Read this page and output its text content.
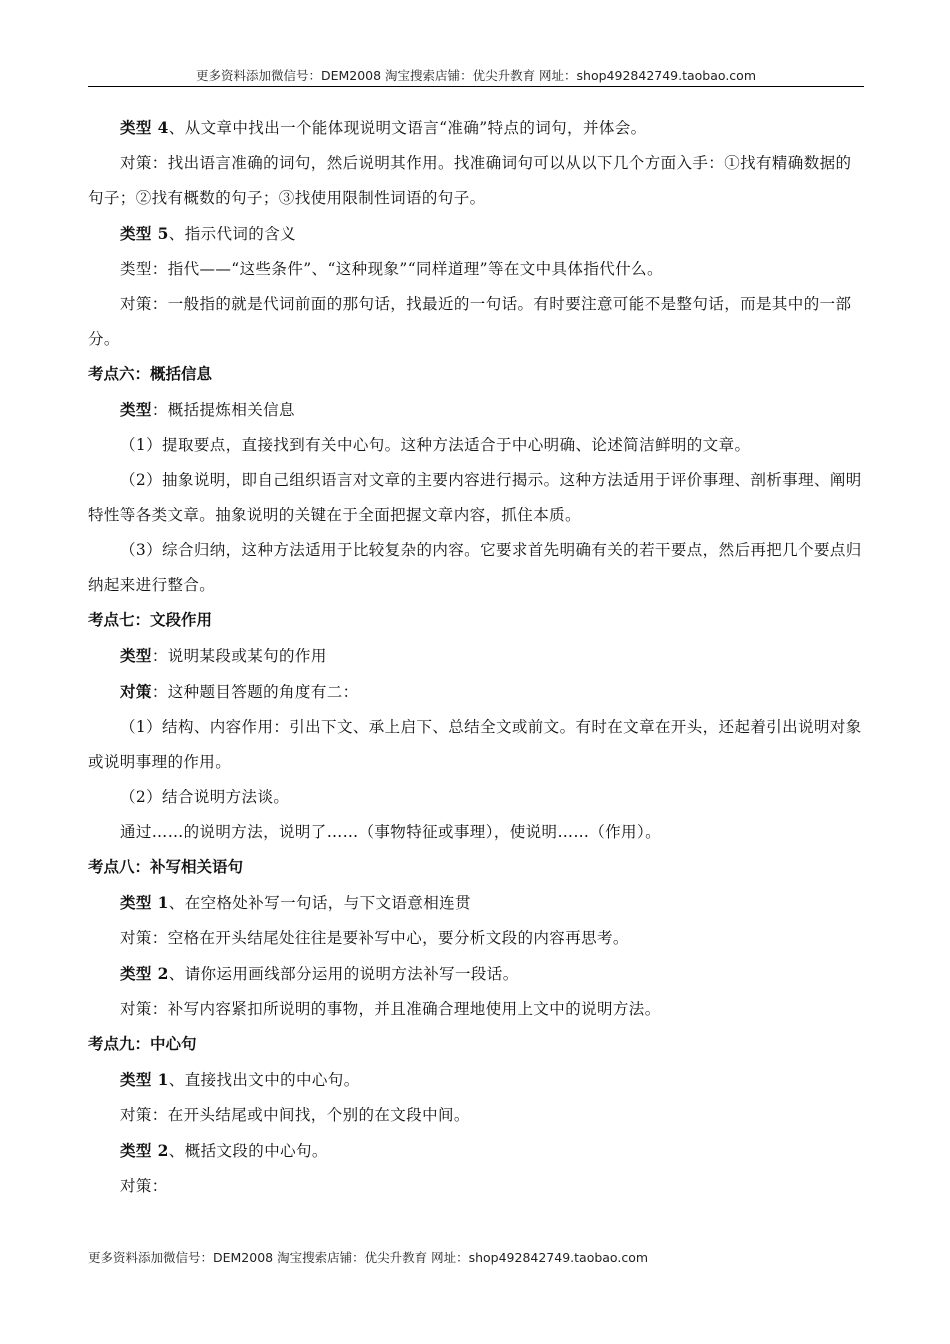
更多资料添加微信号：DEM2008 淘宝搜索店铺：优尖升教育 网址：shop492842749.taobao.com

类型 4、从文章中找出一个能体现说明文语言“准确”特点的词句，并体会。

对策：找出语言准确的词句，然后说明其作用。找准确词句可以从以下几个方面入手：①找有精确数据的句子；②找有概数的句子；③找使用限制性词语的句子。

类型 5、指示代词的含义

类型：指代——“这些条件”、“这种现象”“同样道理”等在文中具体指代什么。

对策：一般指的就是代词前面的那句话，找最近的一句话。有时要注意可能不是整句话，而是其中的一部分。

考点六：概括信息

类型：概括提炼相关信息

（1）提取要点，直接找到有关中心句。这种方法适合于中心明确、论述简洁鲜明的文章。

（2）抽象说明，即自己组织语言对文章的主要内容进行揭示。这种方法适用于评价事理、剖析事理、阐明特性等各类文章。抽象说明的关键在于全面把握文章内容，抓住本质。

（3）综合归纳，这种方法适用于比较复杂的内容。它要求首先明确有关的若干要点，然后再把几个要点归纳起来进行整合。

考点七：文段作用

类型：说明某段或某句的作用

对策：这种题目答题的角度有二：

（1）结构、内容作用：引出下文、承上启下、总结全文或前文。有时在文章在开头，还起着引出说明对象或说明事理的作用。

（2）结合说明方法谈。

通过……的说明方法，说明了……（事物特征或事理），使说明……（作用）。

考点八：补写相关语句

类型 1、在空格处补写一句话，与下文语意相连贯

对策：空格在开头结尾处往往是要补写中心，要分析文段的内容再思考。

类型 2、请你运用画线部分运用的说明方法补写一段话。

对策：补写内容紧扣所说明的事物，并且准确合理地使用上文中的说明方法。

考点九：中心句

类型 1、直接找出文中的中心句。

对策：在开头结尾或中间找，个别的在文段中间。

类型 2、概括文段的中心句。

对策：

更多资料添加微信号：DEM2008 淘宝搜索店铺：优尖升教育 网址：shop492842749.taobao.com
